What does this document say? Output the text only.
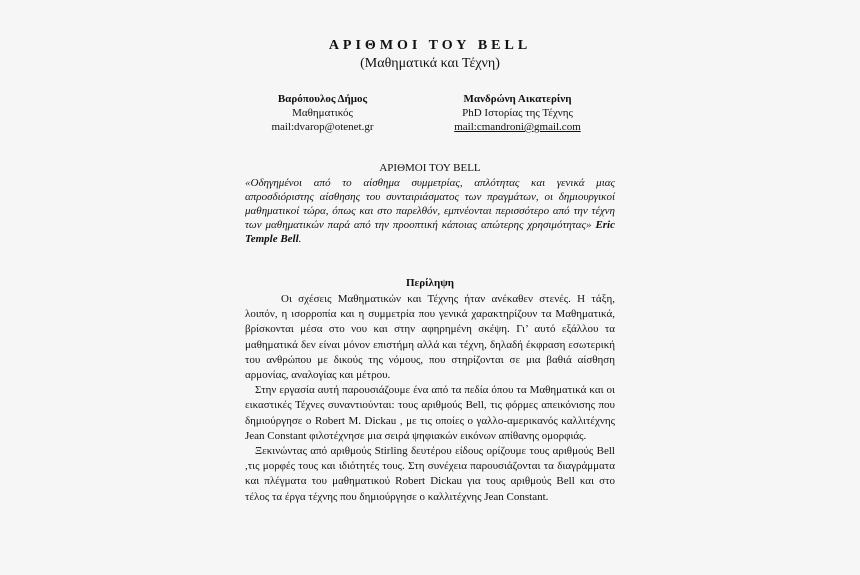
ΑΡΙΘΜΟΙ ΤΟΥ BELL
(Μαθηματικά και Τέχνη)
Βαρόπουλος Δήμος
Μαθηματικός
mail:dvarop@otenet.gr
Μανδρώνη Αικατερίνη
PhD Ιστορίας της Τέχνης
mail:cmandroni@gmail.com
ΑΡΙΘΜΟΙ ΤΟΥ BELL
«Οδηγημένοι από το αίσθημα συμμετρίας, απλότητας και γενικά μιας απροσδιόριστης αίσθησης του συνταιριάσματος των πραγμάτων, οι δημιουργικοί μαθηματικοί τώρα, όπως και στο παρελθόν, εμπνέονται περισσότερο από την τέχνη των μαθηματικών παρά από την προοπτική κάποιας απώτερης χρησιμότητας» Eric Temple Bell.
Περίληψη

Οι σχέσεις Μαθηματικών και Τέχνης ήταν ανέκαθεν στενές. Η τάξη, λοιπόν, η ισορροπία και η συμμετρία που γενικά χαρακτηρίζουν τα Μαθηματικά, βρίσκονται μέσα στο νου και στην αφηρημένη σκέψη. Γι’ αυτό εξάλλου τα μαθηματικά δεν είναι μόνον επιστήμη αλλά και τέχνη, δηλαδή έκφραση εσωτερική του ανθρώπου με δικούς της νόμους, που στηρίζονται σε μια βαθιά αίσθηση αρμονίας, αναλογίας και μέτρου.

Στην εργασία αυτή παρουσιάζουμε ένα από τα πεδία όπου τα Μαθηματικά και οι εικαστικές Τέχνες συναντιούνται: τους αριθμούς Bell, τις φόρμες απεικόνισης που δημιούργησε ο Robert M. Dickau , με τις οποίες ο γαλλο-αμερικανός καλλιτέχνης Jean Constant φιλοτέχνησε μια σειρά ψηφιακών εικόνων απίθανης ομορφιάς.

Ξεκινώντας από αριθμούς Stirling δευτέρου είδους ορίζουμε τους αριθμούς Bell ,τις μορφές τους και ιδιότητές τους. Στη συνέχεια παρουσιάζονται τα διαγράμματα και πλέγματα του μαθηματικού Robert Dickau για τους αριθμούς Bell και στο τέλος τα έργα τέχνης που δημιούργησε ο καλλιτέχνης Jean Constant.
